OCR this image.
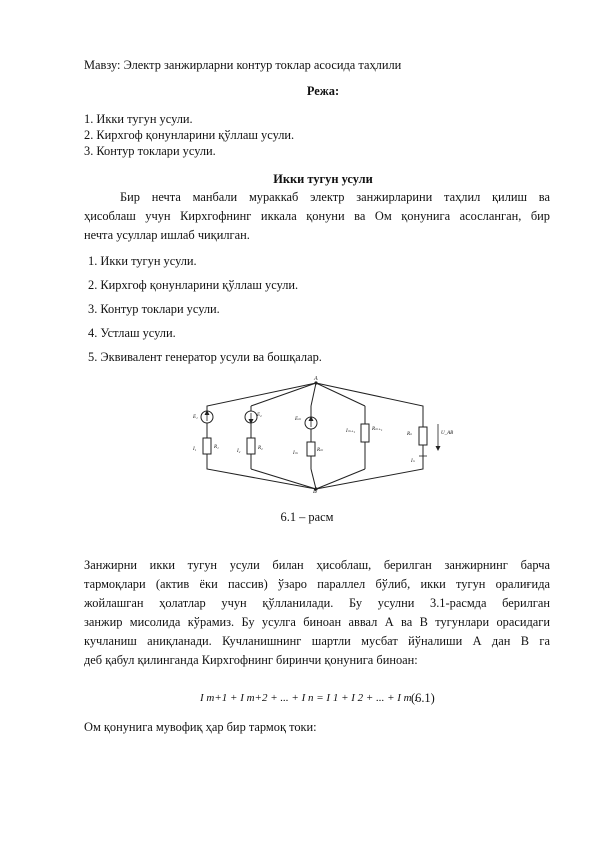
Мавзу: Электр занжирларни контур токлар асосида таҳлили
Режа:
1. Икки тугун усули.
2. Кирхгоф қонунларини қўллаш усули.
3. Контур токлари усули.
Икки тугун усули
Бир нечта манбали мураккаб электр занжирларини таҳлил қилиш ва
ҳисоблаш учун Кирхгофнинг иккала қонуни ва Ом қонунига асосланган, бир
нечта усуллар ишлаб чиқилган.
1. Икки тугун усули.
2. Кирхгоф қонунларини қўллаш усули.
3. Контур токлари усули.
4. Устлаш усули.
5. Эквивалент генератор усули ва бошқалар.
E₁	E₂
Eₘ
I₁	R₁
I₂
R₂
Iₘ
Rₘ
Iₘ₊₁	Rₘ₊₁
Rₙ	U_AB
Iₙ
A
B
6.1 – расм
Занжирни икки тугун усули билан ҳисоблаш, берилган занжирнинг барча
тармоқлари (актив ёки пассив) ўзаро параллел бўлиб, икки тугун оралиғида
жойлашган ҳолатлар учун қўлланилади. Бу усулни 3.1-расмда берилган
занжир мисолида кўрамиз. Бу усулга биноан аввал А ва В тугунлари орасидаги
кучланиш аниқланади. Кучланишнинг шартли мусбат йўналиши А дан В га
деб қабул қилинганда Кирхгофнинг биринчи қонунига биноан:
I m+1 + I m+2 + ... + I n = I 1 + I 2 + ... + I m .
(6.1)
Ом қонунига мувофиқ ҳар бир тармоқ токи:
